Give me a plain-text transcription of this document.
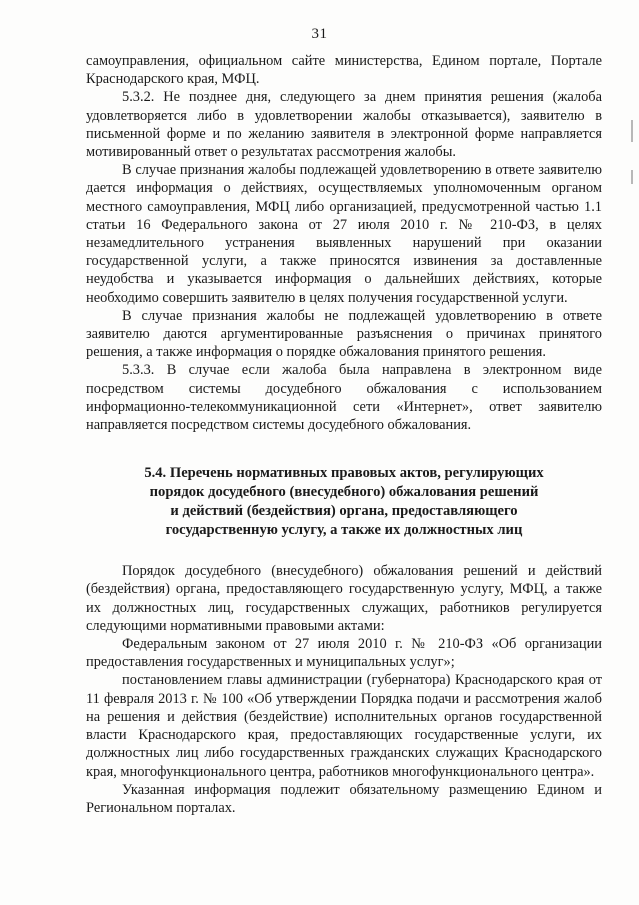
31

самоуправления, официальном сайте министерства, Едином портале, Портале Краснодарского края, МФЦ.

5.3.2. Не позднее дня, следующего за днем принятия решения (жалоба удовлетворяется либо в удовлетворении жалобы отказывается), заявителю в письменной форме и по желанию заявителя в электронной форме направляется мотивированный ответ о результатах рассмотрения жалобы.

В случае признания жалобы подлежащей удовлетворению в ответе заявителю дается информация о действиях, осуществляемых уполномоченным органом местного самоуправления, МФЦ либо организацией, предусмотренной частью 1.1 статьи 16 Федерального закона от 27 июля 2010 г. № 210-ФЗ, в целях незамедлительного устранения выявленных нарушений при оказании государственной услуги, а также приносятся извинения за доставленные неудобства и указывается информация о дальнейших действиях, которые необходимо совершить заявителю в целях получения государственной услуги.

В случае признания жалобы не подлежащей удовлетворению в ответе заявителю даются аргументированные разъяснения о причинах принятого решения, а также информация о порядке обжалования принятого решения.

5.3.3. В случае если жалоба была направлена в электронном виде посредством системы досудебного обжалования с использованием информационно-телекоммуникационной сети «Интернет», ответ заявителю направляется посредством системы досудебного обжалования.

5.4. Перечень нормативных правовых актов, регулирующих
порядок досудебного (внесудебного) обжалования решений
и действий (бездействия) органа, предоставляющего
государственную услугу, а также их должностных лиц

Порядок досудебного (внесудебного) обжалования решений и действий (бездействия) органа, предоставляющего государственную услугу, МФЦ, а также их должностных лиц, государственных служащих, работников регулируется следующими нормативными правовыми актами:

Федеральным законом от 27 июля 2010 г. № 210-ФЗ «Об организации предоставления государственных и муниципальных услуг»;

постановлением главы администрации (губернатора) Краснодарского края от 11 февраля 2013 г. № 100 «Об утверждении Порядка подачи и рассмотрения жалоб на решения и действия (бездействие) исполнительных органов государственной власти Краснодарского края, предоставляющих государственные услуги, их должностных лиц либо государственных гражданских служащих Краснодарского края, многофункционального центра, работников многофункционального центра».

Указанная информация подлежит обязательному размещению Едином и Региональном порталах.
